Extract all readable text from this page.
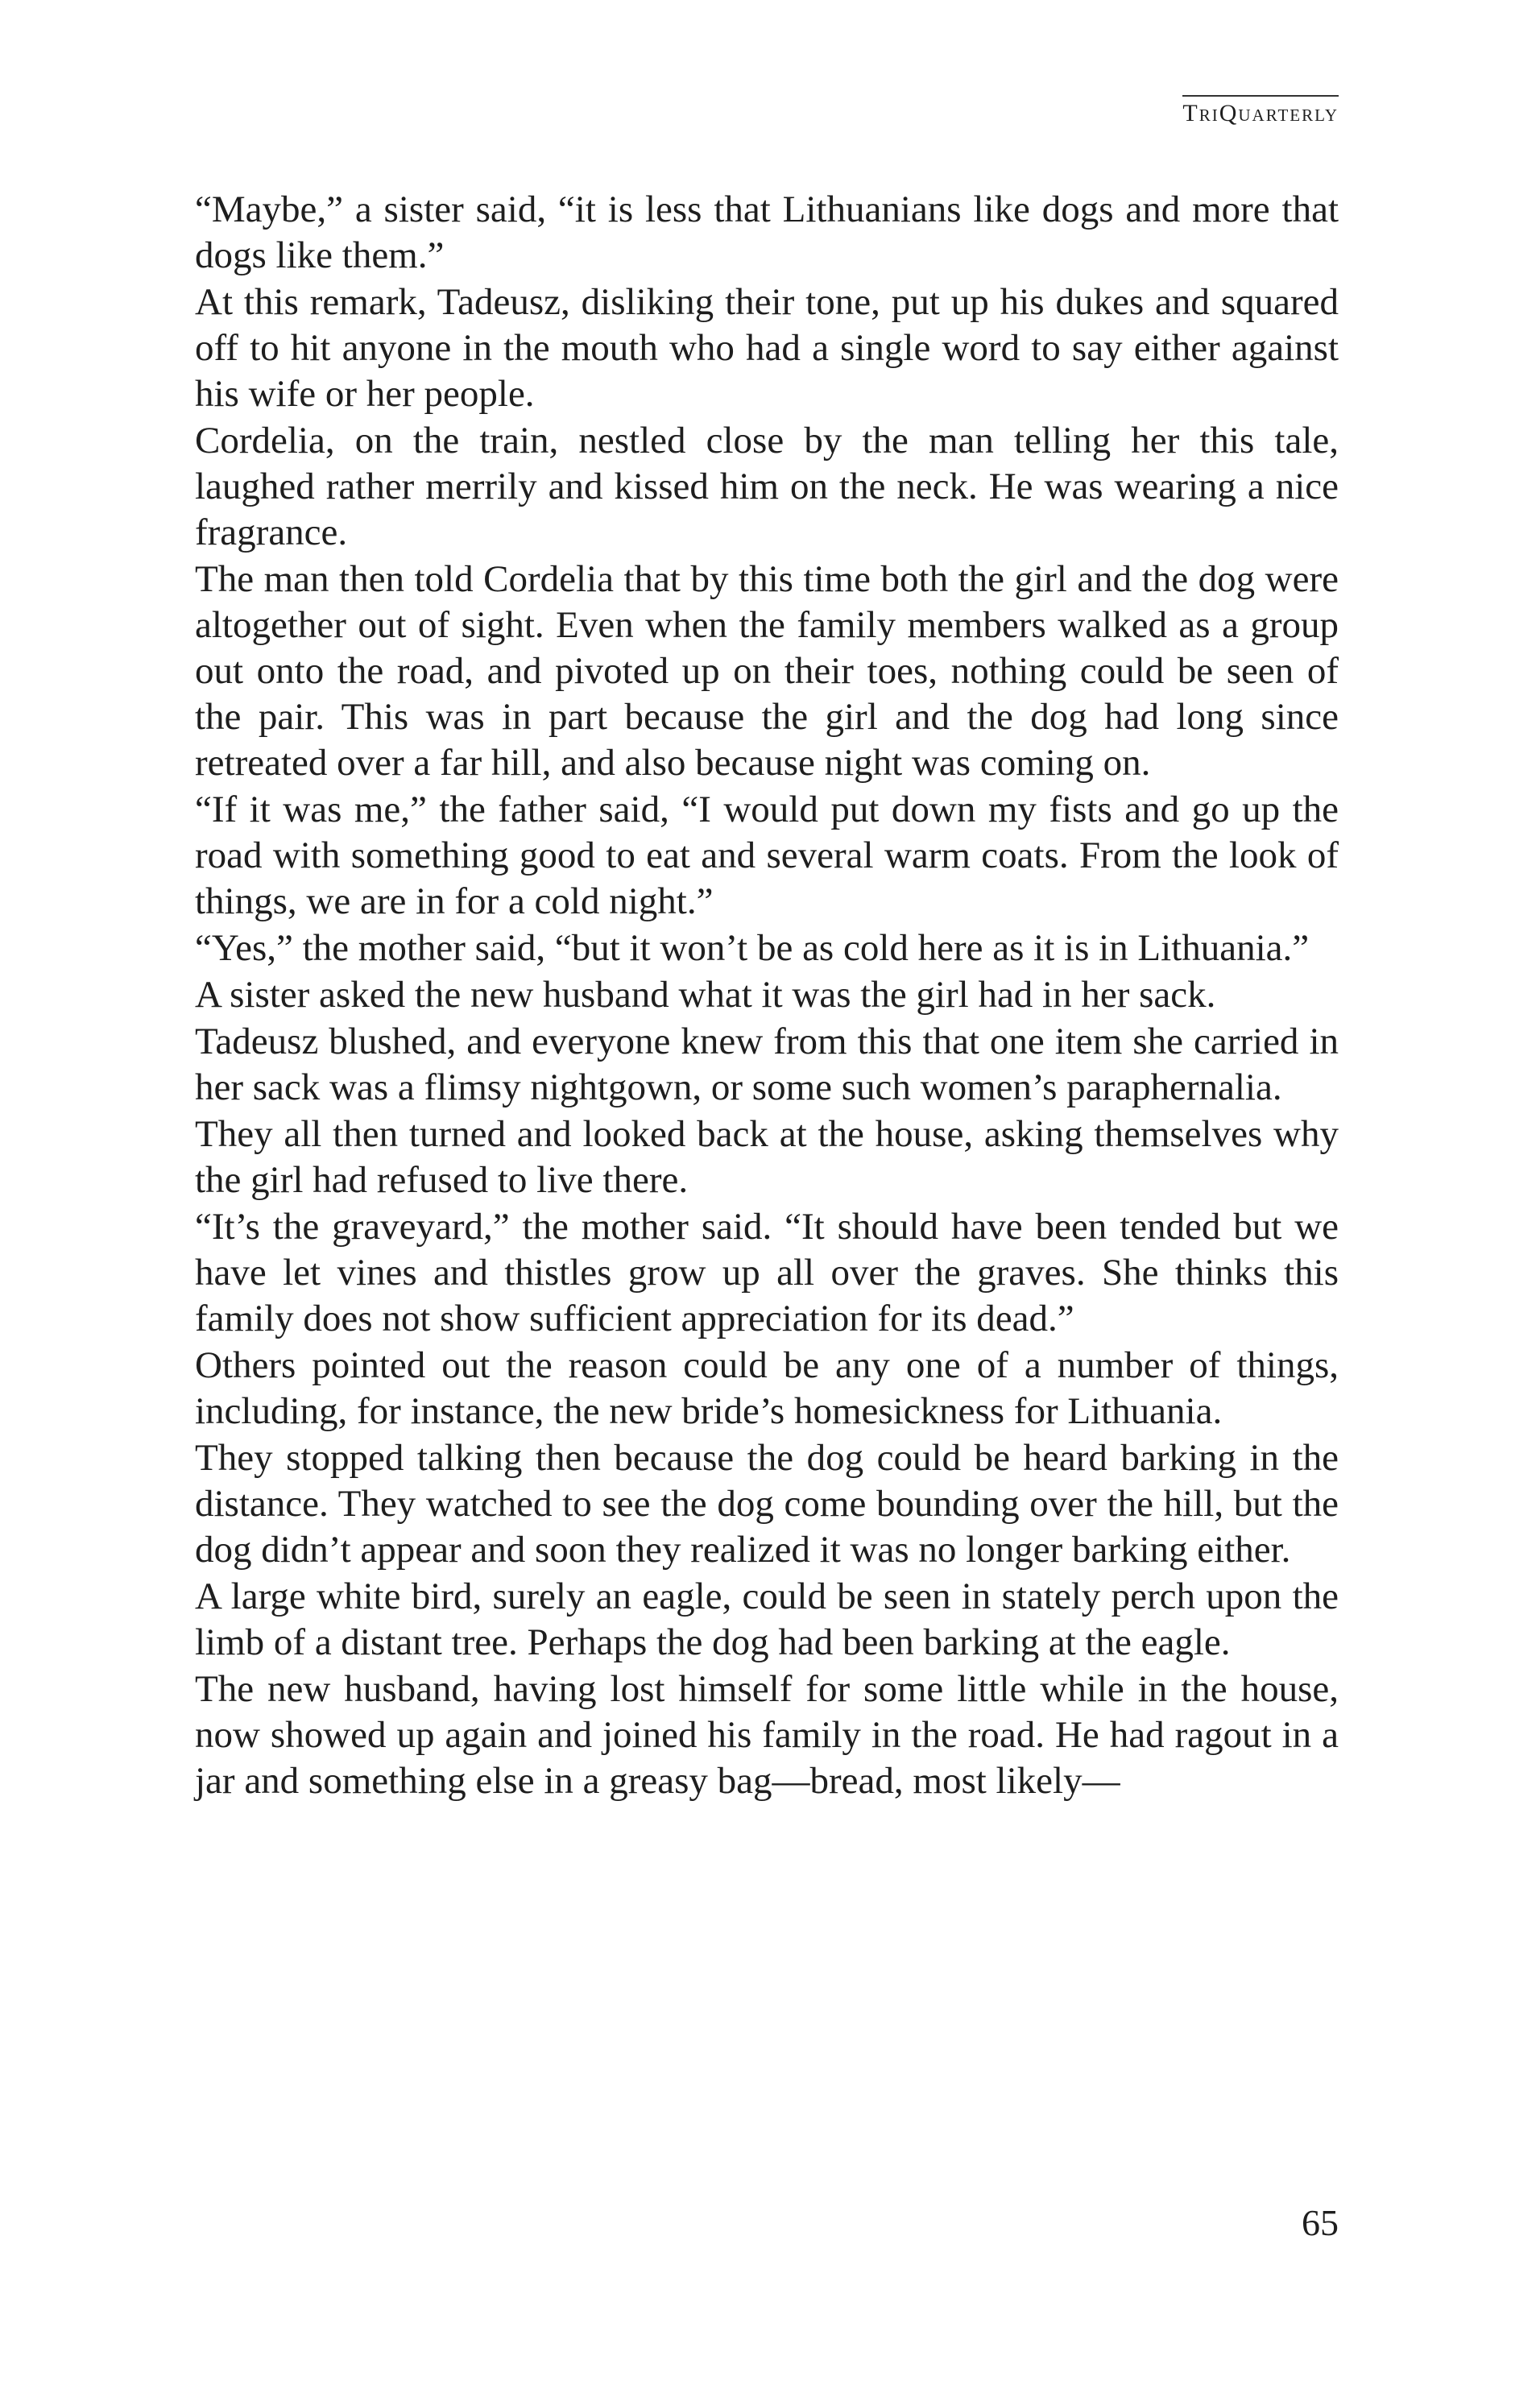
TriQuarterly

“Maybe,” a sister said, “it is less that Lithuanians like dogs and more that dogs like them.”

At this remark, Tadeusz, disliking their tone, put up his dukes and squared off to hit anyone in the mouth who had a single word to say either against his wife or her people.

Cordelia, on the train, nestled close by the man telling her this tale, laughed rather merrily and kissed him on the neck. He was wearing a nice fragrance.

The man then told Cordelia that by this time both the girl and the dog were altogether out of sight. Even when the family members walked as a group out onto the road, and pivoted up on their toes, nothing could be seen of the pair. This was in part because the girl and the dog had long since retreated over a far hill, and also because night was coming on.

“If it was me,” the father said, “I would put down my fists and go up the road with something good to eat and several warm coats. From the look of things, we are in for a cold night.”

“Yes,” the mother said, “but it won’t be as cold here as it is in Lithuania.”

A sister asked the new husband what it was the girl had in her sack.

Tadeusz blushed, and everyone knew from this that one item she carried in her sack was a flimsy nightgown, or some such women’s paraphernalia.

They all then turned and looked back at the house, asking themselves why the girl had refused to live there.

“It’s the graveyard,” the mother said. “It should have been tended but we have let vines and thistles grow up all over the graves. She thinks this family does not show sufficient appreciation for its dead.”

Others pointed out the reason could be any one of a number of things, including, for instance, the new bride’s homesickness for Lithuania.

They stopped talking then because the dog could be heard barking in the distance. They watched to see the dog come bounding over the hill, but the dog didn’t appear and soon they realized it was no longer barking either.

A large white bird, surely an eagle, could be seen in stately perch upon the limb of a distant tree. Perhaps the dog had been barking at the eagle.

The new husband, having lost himself for some little while in the house, now showed up again and joined his family in the road. He had ragout in a jar and something else in a greasy bag—bread, most likely—

65
